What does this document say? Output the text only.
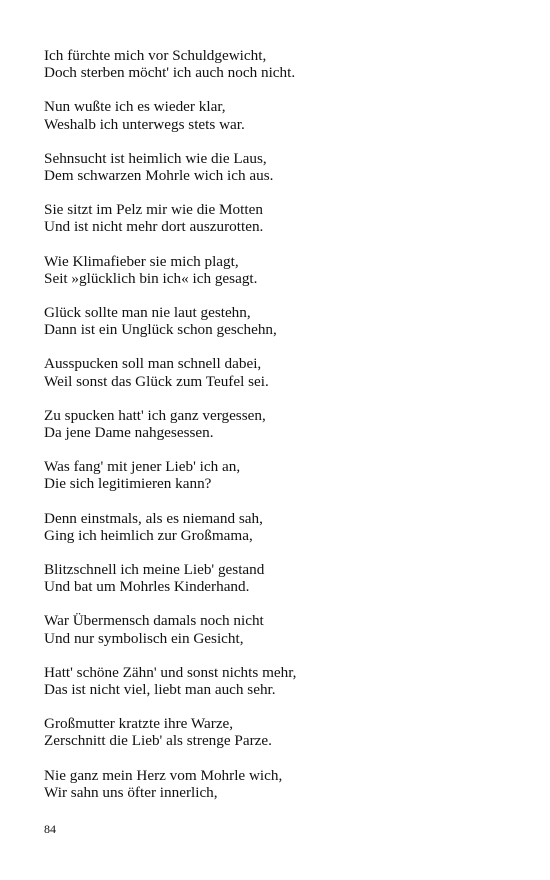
Ich fürchte mich vor Schuldgewicht,
Doch sterben möcht' ich auch noch nicht.
Nun wußte ich es wieder klar,
Weshalb ich unterwegs stets war.
Sehnsucht ist heimlich wie die Laus,
Dem schwarzen Mohrle wich ich aus.
Sie sitzt im Pelz mir wie die Motten
Und ist nicht mehr dort auszurotten.
Wie Klimafieber sie mich plagt,
Seit »glücklich bin ich« ich gesagt.
Glück sollte man nie laut gestehn,
Dann ist ein Unglück schon geschehn,
Ausspucken soll man schnell dabei,
Weil sonst das Glück zum Teufel sei.
Zu spucken hatt' ich ganz vergessen,
Da jene Dame nahgesessen.
Was fang' mit jener Lieb' ich an,
Die sich legitimieren kann?
Denn einstmals, als es niemand sah,
Ging ich heimlich zur Großmama,
Blitzschnell ich meine Lieb' gestand
Und bat um Mohrles Kinderhand.
War Übermensch damals noch nicht
Und nur symbolisch ein Gesicht,
Hatt' schöne Zähn' und sonst nichts mehr,
Das ist nicht viel, liebt man auch sehr.
Großmutter kratzte ihre Warze,
Zerschnitt die Lieb' als strenge Parze.
Nie ganz mein Herz vom Mohrle wich,
Wir sahn uns öfter innerlich,
84
